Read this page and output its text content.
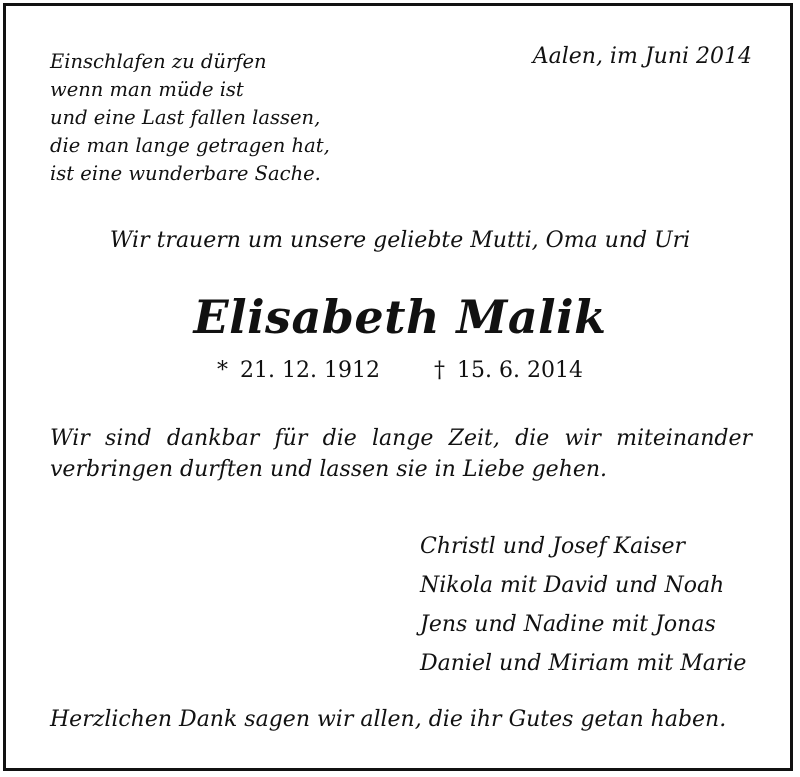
Einschlafen zu dürfen
wenn man müde ist
und eine Last fallen lassen,
die man lange getragen hat,
ist eine wunderbare Sache.
Aalen, im Juni 2014
Wir trauern um unsere geliebte Mutti, Oma und Uri
Elisabeth Malik
* 21. 12. 1912 † 15. 6. 2014
Wir sind dankbar für die lange Zeit, die wir miteinander
verbringen durften und lassen sie in Liebe gehen.
Christl und Josef Kaiser
Nikola mit David und Noah
Jens und Nadine mit Jonas
Daniel und Miriam mit Marie
Herzlichen Dank sagen wir allen, die ihr Gutes getan haben.
